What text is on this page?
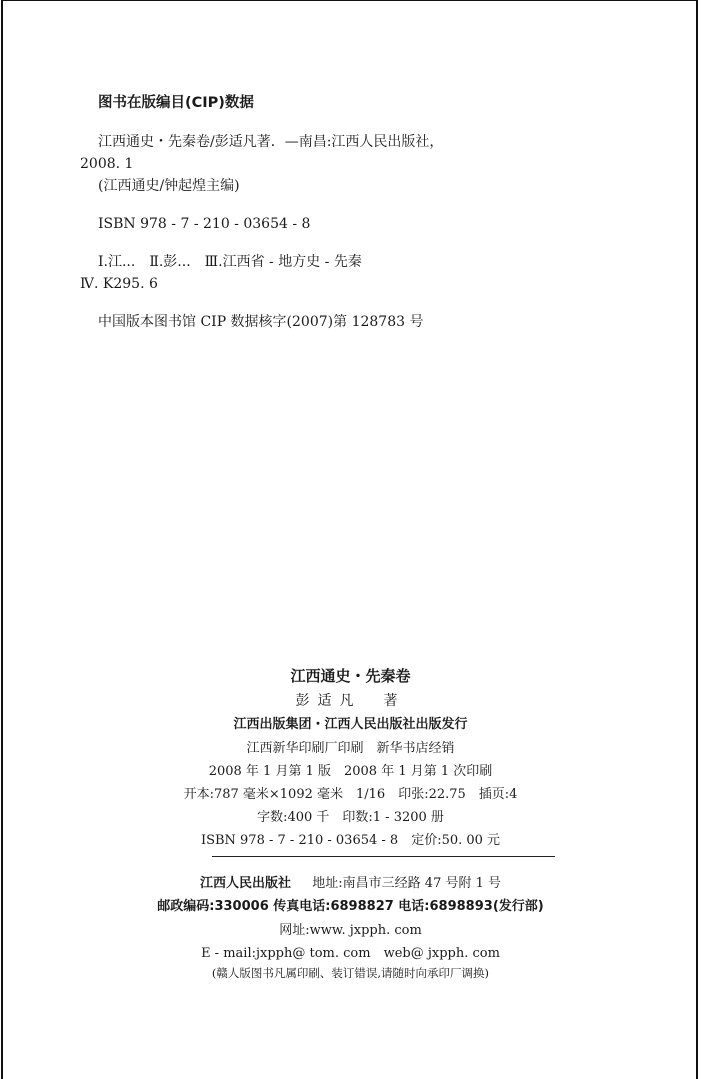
图书在版编目(CIP)数据
江西通史・先秦卷/彭适凡著．—南昌:江西人民出版社，
2008. 1
(江西通史/钟起煌主编)
ISBN 978 - 7 - 210 - 03654 - 8
Ⅰ.江...　Ⅱ.彭...　Ⅲ.江西省 - 地方史 - 先秦
Ⅳ. K295. 6
中国版本图书馆 CIP 数据核字(2007)第 128783 号
江西通史・先秦卷
彭适凡　著
江西出版集团・江西人民出版社出版发行
江西新华印刷厂印刷　新华书店经销
2008 年 1 月第 1 版　2008 年 1 月第 1 次印刷
开本:787 毫米×1092 毫米　1/16　印张:22.75　插页:4
字数:400 千　印数:1 - 3200 册
ISBN 978 - 7 - 210 - 03654 - 8　定价:50. 00 元
江西人民出版社 　 地址:南昌市三经路 47 号附 1 号
邮政编码:330006 传真电话:6898827 电话:6898893(发行部)
网址:www. jxpph. com
E - mail:jxpph@ tom. com　web@ jxpph. com
(赣人版图书凡属印刷、装订错误,请随时向承印厂调换)
